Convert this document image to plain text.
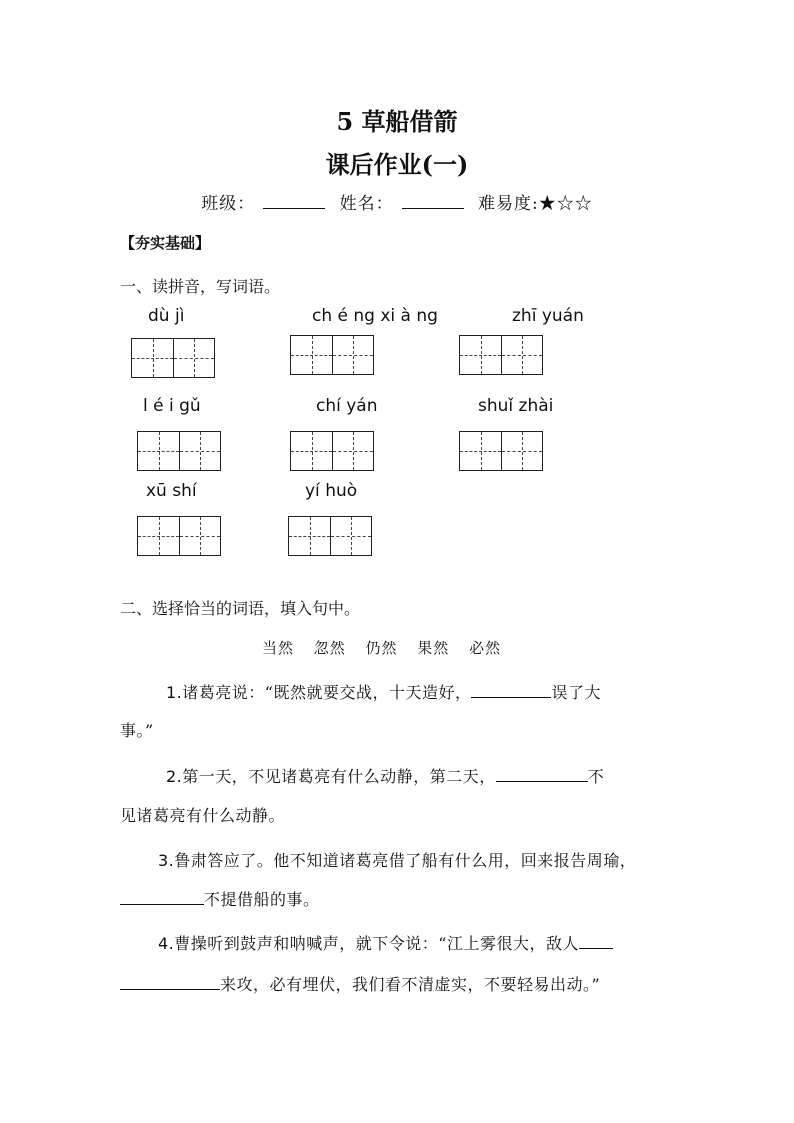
5 草船借箭
课后作业(一)
班级：	姓名：	难易度:★☆☆
【夯实基础】
一、读拼音，写词语。
dù jì	ch é ng xi à ng	zhī yuán
l é i gǔ	chí yán	shuǐ zhài
xū shí	yí huò
二、选择恰当的词语，填入句中。
当然 忽然 仍然 果然 必然
1.诸葛亮说：“既然就要交战，十天造好，	误了大
事。”
2.第一天，不见诸葛亮有什么动静，第二天，	不
见诸葛亮有什么动静。
3.鲁肃答应了。他不知道诸葛亮借了船有什么用，回来报告周瑜，
不提借船的事。
4.曹操听到鼓声和呐喊声，就下令说：“江上雾很大，敌人
来攻，必有埋伏，我们看不清虚实，不要轻易出动。”
